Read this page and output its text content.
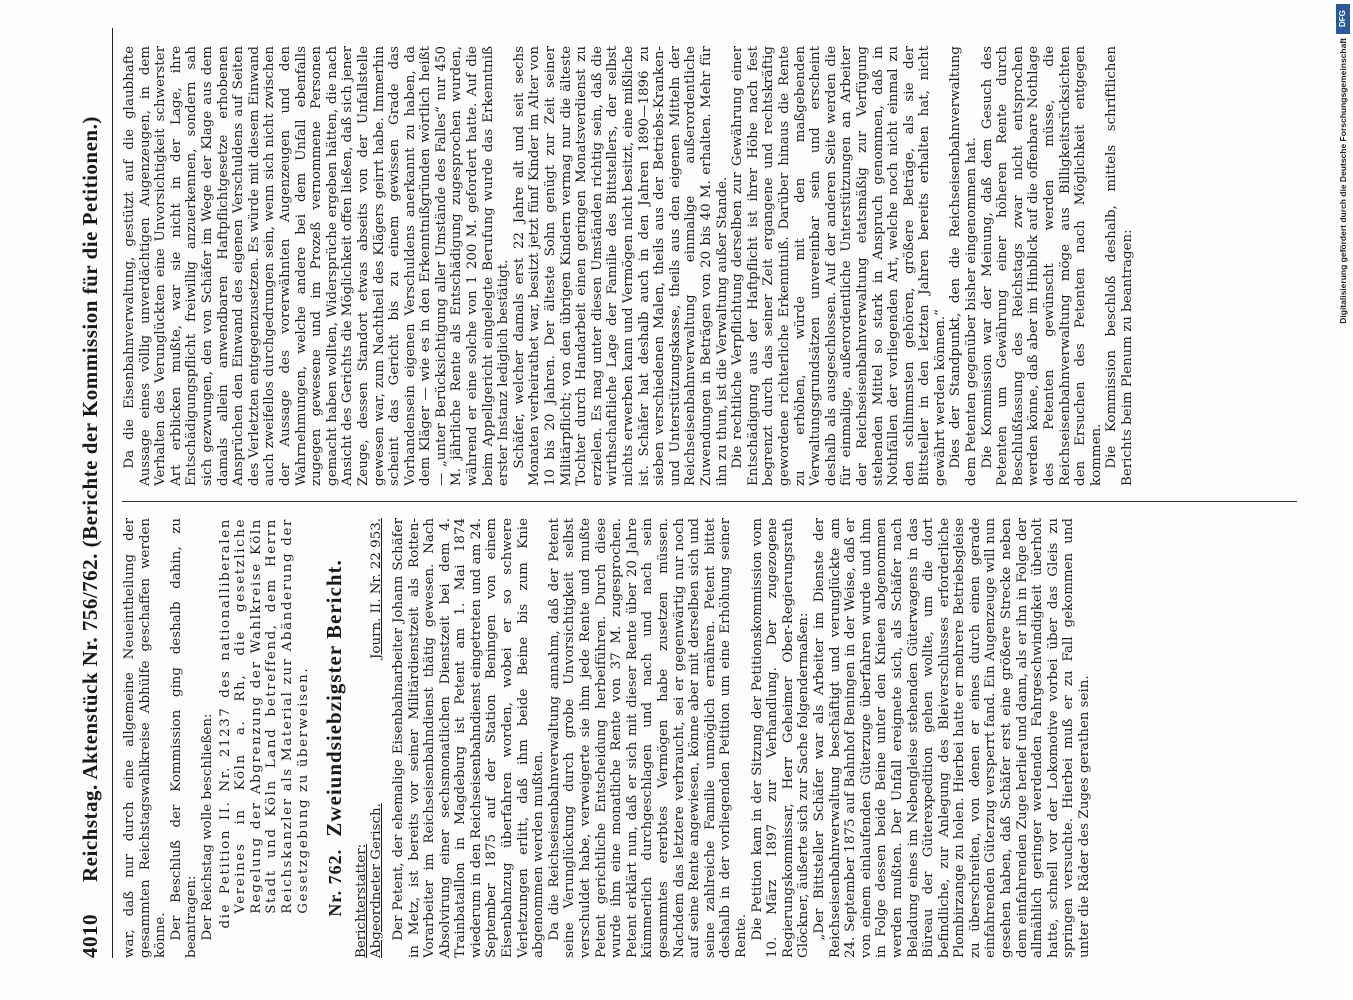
4010
Reichstag. Aktenstück Nr. 756/762. (Berichte der Kommission für die Petitionen.) war, daß nur durch eine allgemeine Neueintheilung der gesammten Reichstagswahlkreise Abhülfe geschaffen werden könne. Der Beschluß der Kommission ging deshalb dahin, zu beantragen: Der Reichstag wolle beschließen: die Petition II. Nr. 21237 des nationalliberalen Vereines in Köln a. Rh, die gesetzliche Regelung der Abgrenzung der Wahlkreise Köln Stadt und Köln Land betreffend, dem Herrn Reichskanzler als Material zur Abänderung der Gesetzgebung zu überweisen. Nr. 762. Zweiundsiebzigster Bericht.
Berichterstatter: Abgeordneter Gerisch.
Journ. II. Nr. 22 953. Der Petent, der ehemalige Eisenbahnarbeiter Johann Schäfer in Metz, ist bereits vor seiner Militärdienstzeit als Rotten-Vorarbeiter im Reichseisenbahndienst thätig gewesen. Nach Absolvirung einer sechsmonatlichen Dienstzeit bei dem 4. Trainbataillon in Magdeburg ist Petent am 1. Mai 1874 wiederum in den Reichseisenbahndienst eingetreten und am 24. September 1875 auf der Station Beningen von einem Eisenbahnzug überfahren worden, wobei er so schwere Verletzungen erlitt, daß ihm beide Beine bis zum Knie abgenommen werden mußten. Da die Reichseisenbahnverwaltung annahm, daß der Petent seine Verunglückung durch grobe Unvorsichtigkeit selbst verschuldet habe, verweigerte sie ihm jede Rente und mußte Petent gerichtliche Entscheidung herbeiführen. Durch diese wurde ihm eine monatliche Rente von 37 M. zugesprochen. Petent erklärt nun, daß er sich mit dieser Rente über 20 Jahre kümmerlich durchgeschlagen und nach und nach sein gesammtes ererbtes Vermögen habe zusetzen müssen. Nachdem das letztere verbraucht, sei er gegenwärtig nur noch auf seine Rente angewiesen, könne aber mit derselben sich und seine zahlreiche Familie unmöglich ernähren. Petent bittet deshalb in der vorliegenden Petition um eine Erhöhung seiner Rente. Die Petition kam in der Sitzung der Petitionskommission vom 10. März 1897 zur Verhandlung. Der zugezogene Regierungskommissar, Herr Geheimer Ober-Regierungsrath Glöckner, äußerte sich zur Sache folgendermaßen: „Der Bittsteller Schäfer war als Arbeiter im Dienste der Reichseisenbahnverwaltung beschäftigt und verunglückte am 24. September 1875 auf Bahnhof Beningen in der Weise, daß er von einem einlaufenden Güterzuge überfahren wurde und ihm in Folge dessen beide Beine unter den Knieen abgenommen werden mußten. Der Unfall ereignete sich, als Schäfer nach Beladung eines im Nebengleise stehenden Güterwagens in das Büreau der Güterexpedition gehen wollte, um die dort befindliche, zur Anlegung des Bleiverschlusses erforderliche Plombirzange zu holen. Hierbei hatte er mehrere Betriebsgleise zu überschreiten, von denen er eines durch einen gerade einfahrenden Güterzug versperrt fand. Ein Augenzeuge will nun gesehen haben, daß Schäfer erst eine größere Strecke neben dem einfahrenden Zuge herlief und dann, als er ihn in Folge der allmählich geringer werdenden Fahrgeschwindigkeit überholt hatte, schnell vor der Lokomotive vorbei über das Gleis zu springen versuchte. Hierbei muß er zu Fall gekommen und unter die Räder des Zuges gerathen sein.

Da die Eisenbahnverwaltung, gestützt auf die glaubhafte Aussage eines völlig unverdächtigen Augenzeugen, in dem Verhalten des Verunglückten eine Unvorsichtigkeit schwerster Art erblicken mußte, war sie nicht in der Lage, ihre Entschädigungspflicht freiwillig anzuerkennen, sondern sah sich gezwungen, den von Schäfer im Wege der Klage aus dem damals allein anwendbaren Haftpflichtgesetze erhobenen Ansprüchen den Einwand des eigenen Verschuldens auf Seiten des Verletzten entgegenzusetzen. Es würde mit diesem Einwand auch zweifellos durchgedrungen sein, wenn sich nicht zwischen der Aussage des vorerwähnten Augenzeugen und den Wahrnehmungen, welche andere bei dem Unfall ebenfalls zugegen gewesene und im Prozeß vernommene Personen gemacht haben wollten, Widersprüche ergeben hätten, die nach Ansicht des Gerichts die Möglichkeit offen ließen, daß sich jener Zeuge, dessen Standort etwas abseits von der Unfallstelle gewesen war, zum Nachtheil des Klägers geirrt habe. Immerhin scheint das Gericht bis zu einem gewissen Grade das Vorhandensein eigenen Verschuldens anerkannt zu haben, da dem Kläger — wie es in den Erkenntnißgründen wörtlich heißt — „unter Berücksichtigung aller Umstände des Falles“ nur 450 M. jährliche Rente als Entschädigung zugesprochen wurden, während er eine solche von 1 200 M. gefordert hatte. Auf die beim Appellgericht eingelegte Berufung wurde das Erkenntniß erster Instanz lediglich bestätigt. Schäfer, welcher damals erst 22 Jahre alt und seit sechs Monaten verheirathet war, besitzt jetzt fünf Kinder im Alter von 10 bis 20 Jahren. Der älteste Sohn genügt zur Zeit seiner Militärpflicht; von den übrigen Kindern vermag nur die älteste Tochter durch Handarbeit einen geringen Monatsverdienst zu erzielen. Es mag unter diesen Umständen richtig sein, daß die wirthschaftliche Lage der Familie des Bittstellers, der selbst nichts erwerben kann und Vermögen nicht besitzt, eine mißliche ist. Schäfer hat deshalb auch in den Jahren 1890—1896 zu sieben verschiedenen Malen, theils aus der Betriebs-Kranken- und Unterstützungskasse, theils aus den eigenen Mitteln der Reichseisenbahnverwaltung einmalige außerordentliche Zuwendungen in Beträgen von 20 bis 40 M. erhalten. Mehr für ihn zu thun, ist die Verwaltung außer Stande. Die rechtliche Verpflichtung derselben zur Gewährung einer Entschädigung aus der Haftpflicht ist ihrer Höhe nach fest begrenzt durch das seiner Zeit ergangene und rechtskräftig gewordene richterliche Erkenntniß. Darüber hinaus die Rente zu erhöhen, würde mit den maßgebenden Verwaltungsgrundsätzen unvereinbar sein und erscheint deshalb als ausgeschlossen. Auf der anderen Seite werden die für einmalige, außerordentliche Unterstützungen an Arbeiter der Reichseisenbahnverwaltung etatsmäßig zur Verfügung stehenden Mittel so stark in Anspruch genommen, daß in Nothfällen der vorliegenden Art, welche noch nicht einmal zu den schlimmsten gehören, größere Beträge, als sie der Bittsteller in den letzten Jahren bereits erhalten hat, nicht gewährt werden können.“ Dies der Standpunkt, den die Reichseisenbahnverwaltung dem Petenten gegenüber bisher eingenommen hat. Die Kommission war der Meinung, daß dem Gesuch des Petenten um Gewährung einer höheren Rente durch Beschlußfassung des Reichstags zwar nicht entsprochen werden könne, daß aber im Hinblick auf die offenbare Nothlage des Petenten gewünscht werden müsse, die Reichseisenbahnverwaltung möge aus Billigkeitsrücksichten den Ersuchen des Petenten nach Möglichkeit entgegen kommen. Die Kommission beschloß deshalb, mittels schriftlichen Berichts beim Plenum zu beantragen:

DFG
Digitalisierung gefördert durch die Deutsche Forschungsgemeinschaft
